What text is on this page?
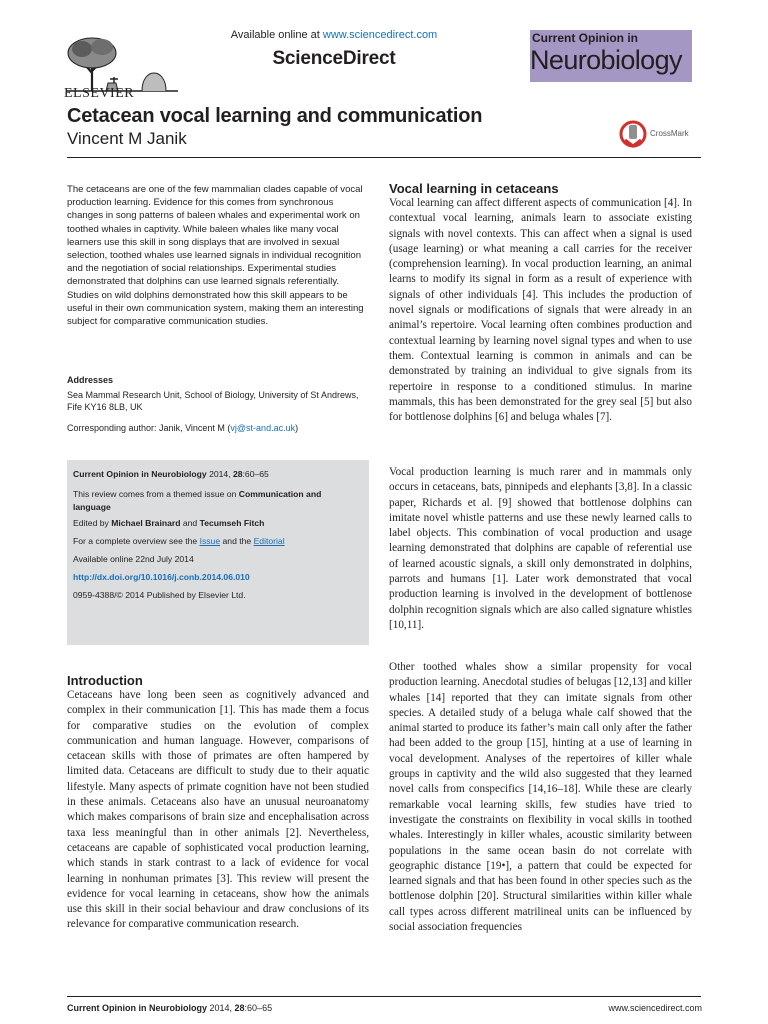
ELSEVIER
Available online at www.sciencedirect.com
ScienceDirect
Current Opinion in
Neurobiology
Cetacean vocal learning and communication
Vincent M Janik	CrossMark
The cetaceans are one of the few mammalian clades capable of vocal production learning. Evidence for this comes from synchronous changes in song patterns of baleen whales and experimental work on toothed whales in captivity. While baleen whales like many vocal learners use this skill in song displays that are involved in sexual selection, toothed whales use learned signals in individual recognition and the negotiation of social relationships. Experimental studies demonstrated that dolphins can use learned signals referentially. Studies on wild dolphins demonstrated how this skill appears to be useful in their own communication system, making them an interesting subject for comparative communication studies.
Addresses
Sea Mammal Research Unit, School of Biology, University of St Andrews, Fife KY16 8LB, UK
Corresponding author: Janik, Vincent M (vj@st-and.ac.uk)
Current Opinion in Neurobiology 2014, 28:60–65
This review comes from a themed issue on Communication and
language
Edited by Michael Brainard and Tecumseh Fitch
For a complete overview see the Issue and the Editorial
Available online 22nd July 2014
http://dx.doi.org/10.1016/j.conb.2014.06.010
0959-4388/© 2014 Published by Elsevier Ltd.
Introduction
Cetaceans have long been seen as cognitively advanced and complex in their communication [1]. This has made them a focus for comparative studies on the evolution of complex communication and human language. However, comparisons of cetacean skills with those of primates are often hampered by limited data. Cetaceans are difficult to study due to their aquatic lifestyle. Many aspects of primate cognition have not been studied in these animals. Cetaceans also have an unusual neuroanatomy which makes comparisons of brain size and encephalisation across taxa less meaningful than in other animals [2]. Nevertheless, cetaceans are capable of sophisticated vocal production learning, which stands in stark contrast to a lack of evidence for vocal learning in nonhuman primates [3]. This review will present the evidence for vocal learning in cetaceans, show how the animals use this skill in their social behaviour and draw conclusions of its relevance for comparative communication research.
Vocal learning in cetaceans
Vocal learning can affect different aspects of communication [4]. In contextual vocal learning, animals learn to associate existing signals with novel contexts. This can affect when a signal is used (usage learning) or what meaning a call carries for the receiver (comprehension learning). In vocal production learning, an animal learns to modify its signal in form as a result of experience with signals of other individuals [4]. This includes the production of novel signals or modifications of signals that were already in an animal’s repertoire. Vocal learning often combines production and contextual learning by learning novel signal types and when to use them. Contextual learning is common in animals and can be demonstrated by training an individual to give signals from its repertoire in response to a conditioned stimulus. In marine mammals, this has been demonstrated for the grey seal [5] but also for bottlenose dolphins [6] and beluga whales [7].
Vocal production learning is much rarer and in mammals only occurs in cetaceans, bats, pinnipeds and elephants [3,8]. In a classic paper, Richards et al. [9] showed that bottlenose dolphins can imitate novel whistle patterns and use these newly learned calls to label objects. This combination of vocal production and usage learning demonstrated that dolphins are capable of referential use of learned acoustic signals, a skill only demonstrated in dolphins, parrots and humans [1]. Later work demonstrated that vocal production learning is involved in the development of bottlenose dolphin recognition signals which are also called signature whistles [10,11].
Other toothed whales show a similar propensity for vocal production learning. Anecdotal studies of belugas [12,13] and killer whales [14] reported that they can imitate signals from other species. A detailed study of a beluga whale calf showed that the animal started to produce its father’s main call only after the father had been added to the group [15], hinting at a use of learning in vocal development. Analyses of the repertoires of killer whale groups in captivity and the wild also suggested that they learned novel calls from conspecifics [14,16–18]. While these are clearly remarkable vocal learning skills, few studies have tried to investigate the constraints on flexibility in vocal skills in toothed whales. Interestingly in killer whales, acoustic similarity between populations in the same ocean basin do not correlate with geographic distance [19•], a pattern that could be expected for learned signals and that has been found in other species such as the bottlenose dolphin [20]. Structural similarities within killer whale call types across different matrilineal units can be influenced by social association frequencies
Current Opinion in Neurobiology 2014, 28:60–65	www.sciencedirect.com
